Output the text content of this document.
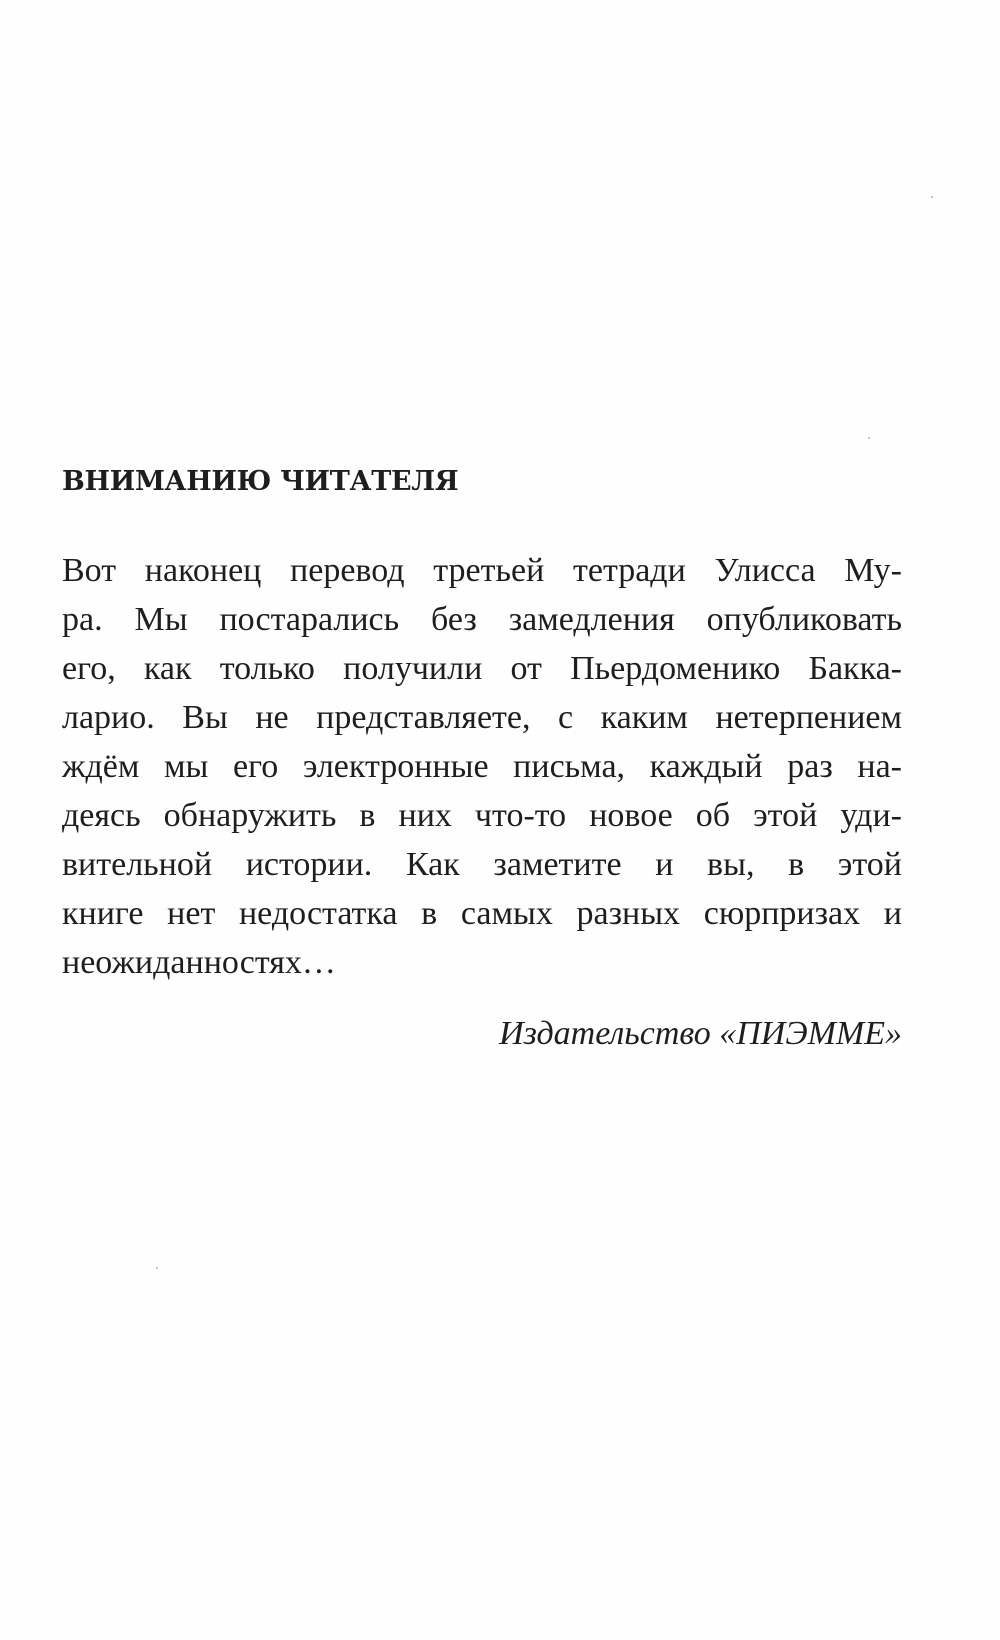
ВНИМАНИЮ ЧИТАТЕЛЯ
Вот наконец перевод третьей тетради Улисса Му-
ра. Мы постарались без замедления опубликовать
его, как только получили от Пьердоменико Бакка-
ларио. Вы не представляете, с каким нетерпением
ждём мы его электронные письма, каждый раз на-
деясь обнаружить в них что-то новое об этой уди-
вительной истории. Как заметите и вы, в этой
книге нет недостатка в самых разных сюрпризах и
неожиданностях…

Издательство «ПИЭММЕ»
